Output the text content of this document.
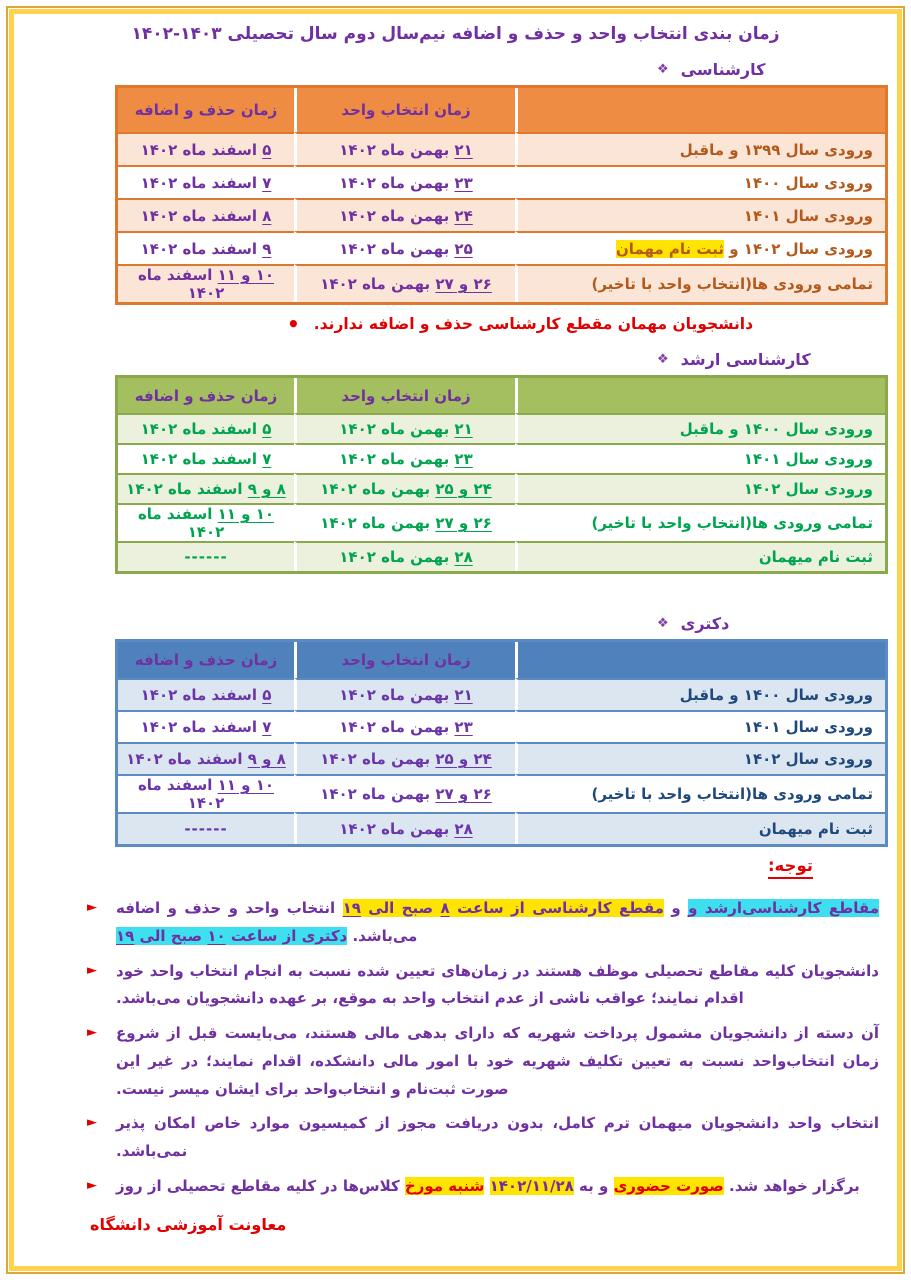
زمان بندی انتخاب واحد و حذف و اضافه نیم‌سال دوم سال تحصیلی ۱۴۰۳-۱۴۰۲
❖ کارشناسی
	زمان انتخاب واحد	زمان حذف و اضافه
ورودی سال ۱۳۹۹ و ماقبل	۲۱ بهمن ماه ۱۴۰۲	۵ اسفند ماه ۱۴۰۲
ورودی سال ۱۴۰۰	۲۳ بهمن ماه ۱۴۰۲	۷ اسفند ماه ۱۴۰۲
ورودی سال ۱۴۰۱	۲۴ بهمن ماه ۱۴۰۲	۸ اسفند ماه ۱۴۰۲
ورودی سال ۱۴۰۲ و ثبت نام مهمان	۲۵ بهمن ماه ۱۴۰۲	۹ اسفند ماه ۱۴۰۲
تمامی ورودی ها(انتخاب واحد با تاخیر)	۲۶ و ۲۷ بهمن ماه ۱۴۰۲	۱۰ و ۱۱ اسفند ماه ۱۴۰۲
• دانشجویان مهمان مقطع کارشناسی حذف و اضافه ندارند.
❖ کارشناسی ارشد
	زمان انتخاب واحد	زمان حذف و اضافه
ورودی سال ۱۴۰۰ و ماقبل	۲۱ بهمن ماه ۱۴۰۲	۵ اسفند ماه ۱۴۰۲
ورودی سال ۱۴۰۱	۲۳ بهمن ماه ۱۴۰۲	۷ اسفند ماه ۱۴۰۲
ورودی سال ۱۴۰۲	۲۴ و ۲۵ بهمن ماه ۱۴۰۲	۸ و ۹ اسفند ماه ۱۴۰۲
تمامی ورودی ها(انتخاب واحد با تاخیر)	۲۶ و ۲۷ بهمن ماه ۱۴۰۲	۱۰ و ۱۱ اسفند ماه ۱۴۰۲
ثبت نام میهمان	۲۸ بهمن ماه ۱۴۰۲	------
❖ دکتری
	زمان انتخاب واحد	زمان حذف و اضافه
ورودی سال ۱۴۰۰ و ماقبل	۲۱ بهمن ماه ۱۴۰۲	۵ اسفند ماه ۱۴۰۲
ورودی سال ۱۴۰۱	۲۳ بهمن ماه ۱۴۰۲	۷ اسفند ماه ۱۴۰۲
ورودی سال ۱۴۰۲	۲۴ و ۲۵ بهمن ماه ۱۴۰۲	۸ و ۹ اسفند ماه ۱۴۰۲
تمامی ورودی ها(انتخاب واحد با تاخیر)	۲۶ و ۲۷ بهمن ماه ۱۴۰۲	۱۰ و ۱۱ اسفند ماه ۱۴۰۲
ثبت نام میهمان	۲۸ بهمن ماه ۱۴۰۲	------
توجه:
►	انتخاب واحد و حذف و اضافه	مقطع کارشناسی از ساعت ۸ صبح الی ۱۹	و مقاطع کارشناسی‌ارشد و دکتری از ساعت ۱۰ صبح الی ۱۹	می‌باشد.
►	دانشجویان کلیه مقاطع تحصیلی موظف هستند در زمان‌های تعیین شده نسبت به انجام انتخاب واحد خود اقدام نمایند؛ عواقب ناشی از عدم انتخاب واحد به موقع، بر عهده دانشجویان می‌باشد.
►	آن دسته از دانشجویان مشمول پرداخت شهریه که دارای بدهی مالی هستند، می‌بایست قبل از شروع زمان انتخاب‌واحد نسبت به تعیین تکلیف شهریه خود با امور مالی دانشکده، اقدام نمایند؛ در غیر این صورت ثبت‌نام و انتخاب‌واحد برای ایشان میسر نیست.
►	انتخاب واحد دانشجویان میهمان ترم کامل، بدون دریافت مجوز از کمیسیون موارد خاص امکان پذیر نمی‌باشد.
►	کلاس‌ها در کلیه مقاطع تحصیلی از روز شنبه مورخ ۱۴۰۲/۱۱/۲۸ و به صورت حضوری برگزار خواهد شد.
معاونت آموزشی دانشگاه
